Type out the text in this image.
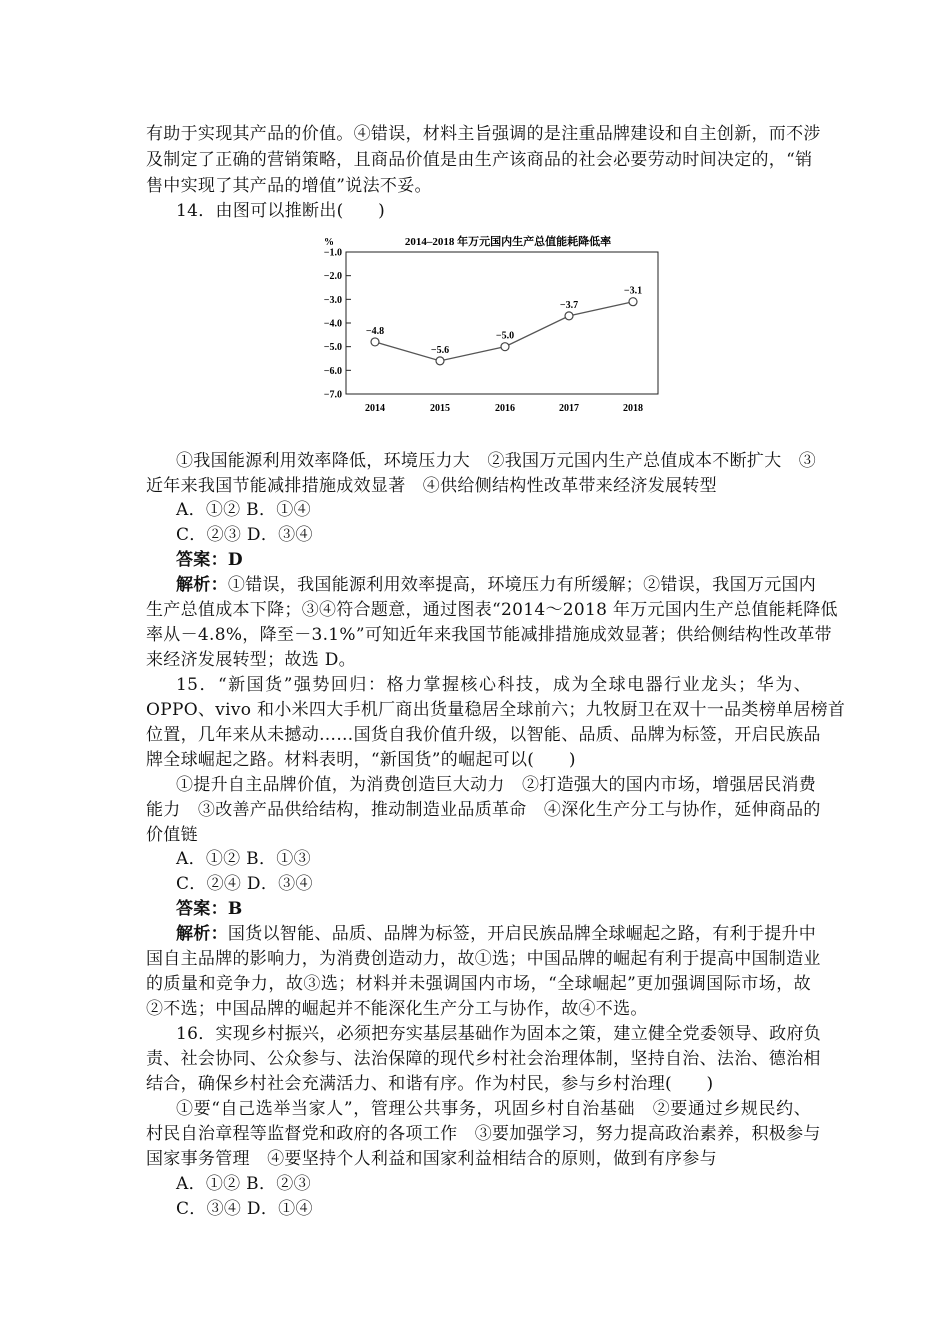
有助于实现其产品的价值。④错误，材料主旨强调的是注重品牌建设和自主创新，而不涉
及制定了正确的营销策略，且商品价值是由生产该商品的社会必要劳动时间决定的，“销
售中实现了其产品的增值”说法不妥。
14．由图可以推断出(　　)
%	2014–2018 年万元国内生产总值能耗降低率
−1.0
−2.0
−3.0
−4.0
−5.0
−6.0
−7.0
2014	2015	2016	2017	2018
−4.8
−5.6
−5.0
−3.7
−3.1
①我国能源利用效率降低，环境压力大　②我国万元国内生产总值成本不断扩大　③
近年来我国节能减排措施成效显著　④供给侧结构性改革带来经济发展转型
A．①② B．①④
C．②③ D．③④
答案：D
解析：①错误，我国能源利用效率提高，环境压力有所缓解；②错误，我国万元国内
生产总值成本下降；③④符合题意，通过图表“2014～2018 年万元国内生产总值能耗降低
率从－4.8%，降至－3.1%”可知近年来我国节能减排措施成效显著；供给侧结构性改革带
来经济发展转型；故选 D。
15．“新国货”强势回归：格力掌握核心科技，成为全球电器行业龙头；华为、
OPPO、vivo 和小米四大手机厂商出货量稳居全球前六；九牧厨卫在双十一品类榜单居榜首
位置，几年来从未撼动……国货自我价值升级，以智能、品质、品牌为标签，开启民族品
牌全球崛起之路。材料表明，“新国货”的崛起可以(　　)
①提升自主品牌价值，为消费创造巨大动力　②打造强大的国内市场，增强居民消费
能力　③改善产品供给结构，推动制造业品质革命　④深化生产分工与协作，延伸商品的
价值链
A．①② B．①③
C．②④ D．③④
答案：B
解析：国货以智能、品质、品牌为标签，开启民族品牌全球崛起之路，有利于提升中
国自主品牌的影响力，为消费创造动力，故①选；中国品牌的崛起有利于提高中国制造业
的质量和竞争力，故③选；材料并未强调国内市场，“全球崛起”更加强调国际市场，故
②不选；中国品牌的崛起并不能深化生产分工与协作，故④不选。
16．实现乡村振兴，必须把夯实基层基础作为固本之策，建立健全党委领导、政府负
责、社会协同、公众参与、法治保障的现代乡村社会治理体制，坚持自治、法治、德治相
结合，确保乡村社会充满活力、和谐有序。作为村民，参与乡村治理(　　)
①要“自己选举当家人”，管理公共事务，巩固乡村自治基础　②要通过乡规民约、
村民自治章程等监督党和政府的各项工作　③要加强学习，努力提高政治素养，积极参与
国家事务管理　④要坚持个人利益和国家利益相结合的原则，做到有序参与
A．①② B．②③
C．③④ D．①④
